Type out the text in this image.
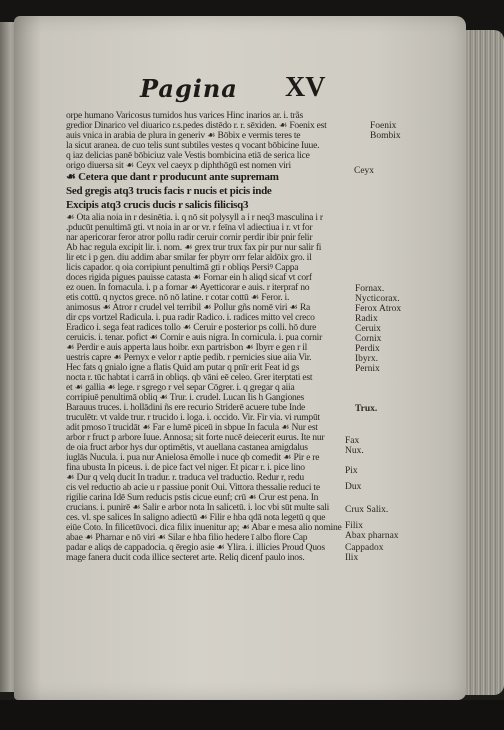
Pagina XV
orpe humano Varicosus tumidos hus varices Hinc inarios ar. i. trãs
gredior Dinarico vel diuarico r.s.pedes distēdo r. r. sēxiden. ☙ Foenix est
auis vnica in arabia de plura in generiv ☙ Bōbix e vermis teres te
la sicut aranea. de cuo telis sunt subtiles vestes q vocant bōbicine Iuue.
q iaz delicias panē bōbiciuz vale Vestis bombicina etiā de serica lice
origo diuersa sit ☙ Ceyx vel caeyx p diphthōgū est nomen viri
☙ Cetera que dant r producunt ante supremam
Sed gregis atq3 trucis facis r nucis et picis inde
Excipis atq3 crucis ducis r salicis filicisq3
☙ Ota alia noia in r desinētia. i. q nō sit polysyll a i r neq3 masculina i r
.pducūt penultimā gti. vt noia in ar or vr. r feīna vl adiectiua i r. vt for
nar apericorar feror atror pollu radir ceruir cornir perdir ibir pnir felir
Ab hac regula excipit lir. i. nom. ☙ grex trur trux fax pir pur nur salir fi
lir etc i p gen. diu addim abar smilar fer pbyrr orrr felar aldōix gro. il
licis capador. q oia corripiunt penultimā gti r obliqs Persiꝰ Cappa
doces rigida pigues pauisse catasta ☙ Fornar ein h aliqd sicaf vt corf
ez ouen. In fornacula. i. p a fornar ☙ Ayetticorar e auis. r iterpraf no
etis cottū. q nyctos grece. nō nō latine. r cotar cottū ☙ Feror. i.
animosus ☙ Atror r crudel vel terribil ☙ Pollur gñs nomē viri ☙ Ra
dir cps vortzel Radicula. i. pua radir Radico. i. radices mitto vel creco
Eradico i. sega feat radices tollo ☙ Ceruir e posterior ps colli. hō dure
ceruicis. i. tenar. pofict ☙ Cornir e auis nigra. In cornicula. i. pua cornir
☙ Perdir e auis apperta laus hoibr. exn partrisbon ☙ Ibyrr e gen r il
uestris capre ☙ Pernyx e velor r aptie pedib. r pernicies siue aiia Vir.
Hec fats q gnialo igne a flatis Quid am putar q pnīr erit Feat id gs
nocta r. tūc habtat i carrā in obliqs. qb vāni eē celeo. Grer iterptati est
et ☙ gallia ☙ lege. r sgrego r vel separ Cōgrer. i. q gregar q aiia
corripiuē penultimā obliq ☙ Trur. i. crudel. Lucan Iis h Gangiones
Barauus truces. i. hollādini ñs ere recurio Striderē acuere tube Inde
truculētr. vt valde trur. r trucido i. loga. i. occido. Vir. Fir via. vi rumpūt
adit pmoso ī trucidāt ☙ Far e lumē piceū in sbpue In facula ☙ Nur est
arbor r fruct p arbore Iuue. Annosa; sit forte nucē deiecerit eurus. Ite nur
de oia fruct arbor hys dur optimētis, vt auellana castanea amigdalus
iuglās Nucula. i. pua nur Anielosa ēmolle i nuce qb comedit ☙ Pir e re
fina ubusta In piceus. i. de pice fact vel niger. Et picar r. i. pice lino
☙ Dur q velq ducit In tradur. r. traduca vel traductio. Redur r, redu
cis vel reductio ab acie u r passiue ponit Oui. Vittora thessalie reduci te
rigilie carina Idē Sum reducis pstis cicue eunf; crū ☙ Crur est pena. In
crucians. i. punirē ☙ Salir e arbor nota In salicetū. i. loc vbi sūt multe sali
ces. vl. spe salices In saligno adiectū ☙ Filir e hba qdā nota legetū q que
eiūe Coto. In filicetūvoci. dica filix inuenitur ap; ☙ Abar e mesa alio nomine
abae ☙ Pharnar e nō viri ☙ Silar e hba filio hedere ī albo flore Cap
padar e aliqs de cappadocia. q ēregio asie ☙ Ylira. i. illicies Proud Quos
mage fanera ducit coda illice secteret arte. Reliq dicenf paulo inos.
Foenix
Bombix
Ceyx
Fornax.
Nycticorax.
Ferox Atrox
Radix
Ceruix
Cornix
Perdix
Ibyrx.
Pernix
Trux.
Fax
Nux.
Pix
Dux
Crux Salix.
Filix
Abax pharnax
Cappadox
Ilix
